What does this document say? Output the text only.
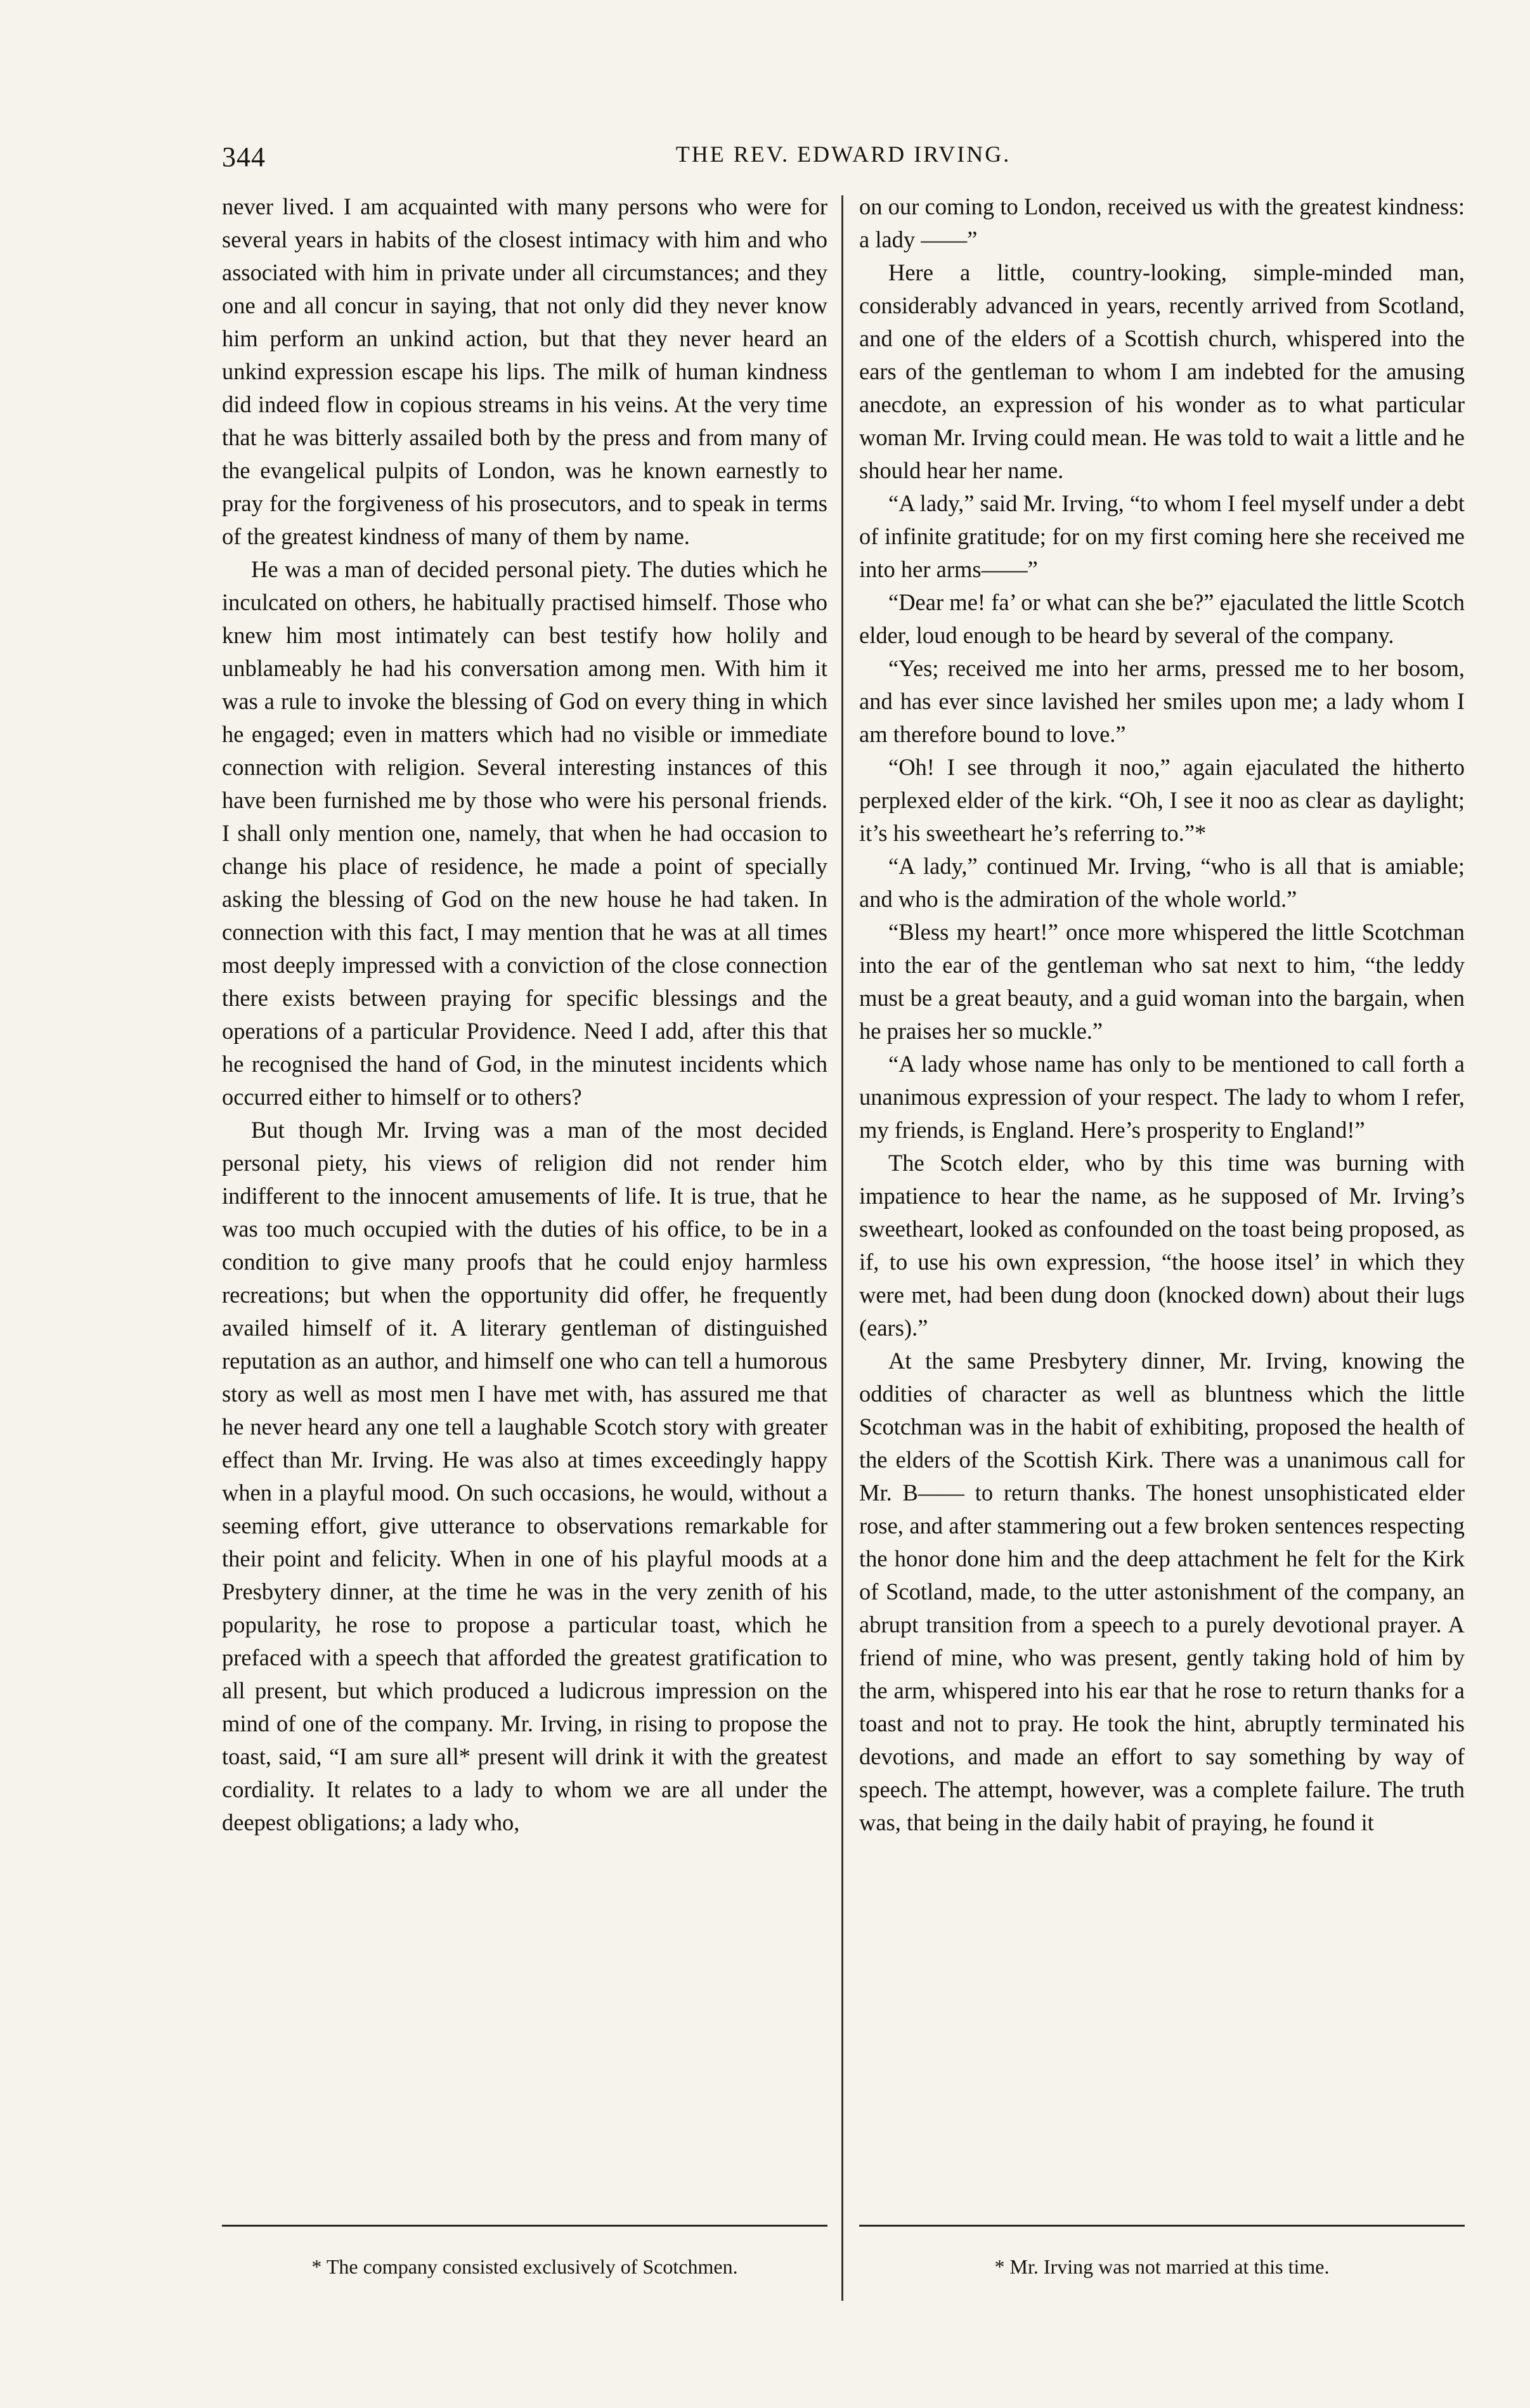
344	THE REV. EDWARD IRVING.

never lived. I am acquainted with many persons who were for several years in habits of the closest intimacy with him and who associated with him in private under all circumstances; and they one and all concur in saying, that not only did they never know him perform an unkind action, but that they never heard an unkind expression escape his lips. The milk of human kindness did indeed flow in copious streams in his veins. At the very time that he was bitterly assailed both by the press and from many of the evangelical pulpits of London, was he known earnestly to pray for the forgiveness of his prosecutors, and to speak in terms of the greatest kindness of many of them by name.

He was a man of decided personal piety. The duties which he inculcated on others, he habitually practised himself. Those who knew him most intimately can best testify how holily and unblameably he had his conversation among men. With him it was a rule to invoke the blessing of God on every thing in which he engaged; even in matters which had no visible or immediate connection with religion. Several interesting instances of this have been furnished me by those who were his personal friends. I shall only mention one, namely, that when he had occasion to change his place of residence, he made a point of specially asking the blessing of God on the new house he had taken. In connection with this fact, I may mention that he was at all times most deeply impressed with a conviction of the close connection there exists between praying for specific blessings and the operations of a particular Providence. Need I add, after this that he recognised the hand of God, in the minutest incidents which occurred either to himself or to others?

But though Mr. Irving was a man of the most decided personal piety, his views of religion did not render him indifferent to the innocent amusements of life. It is true, that he was too much occupied with the duties of his office, to be in a condition to give many proofs that he could enjoy harmless recreations; but when the opportunity did offer, he frequently availed himself of it. A literary gentleman of distinguished reputation as an author, and himself one who can tell a humorous story as well as most men I have met with, has assured me that he never heard any one tell a laughable Scotch story with greater effect than Mr. Irving. He was also at times exceedingly happy when in a playful mood. On such occasions, he would, without a seeming effort, give utterance to observations remarkable for their point and felicity. When in one of his playful moods at a Presbytery dinner, at the time he was in the very zenith of his popularity, he rose to propose a particular toast, which he prefaced with a speech that afforded the greatest gratification to all present, but which produced a ludicrous impression on the mind of one of the company. Mr. Irving, in rising to propose the toast, said, “I am sure all* present will drink it with the greatest cordiality. It relates to a lady to whom we are all under the deepest obligations; a lady who,

on our coming to London, received us with the greatest kindness: a lady ——”

Here a little, country-looking, simple-minded man, considerably advanced in years, recently arrived from Scotland, and one of the elders of a Scottish church, whispered into the ears of the gentleman to whom I am indebted for the amusing anecdote, an expression of his wonder as to what particular woman Mr. Irving could mean. He was told to wait a little and he should hear her name.

“A lady,” said Mr. Irving, “to whom I feel myself under a debt of infinite gratitude; for on my first coming here she received me into her arms——”

“Dear me! fa’ or what can she be?” ejaculated the little Scotch elder, loud enough to be heard by several of the company.

“Yes; received me into her arms, pressed me to her bosom, and has ever since lavished her smiles upon me; a lady whom I am therefore bound to love.”

“Oh! I see through it noo,” again ejaculated the hitherto perplexed elder of the kirk. “Oh, I see it noo as clear as daylight; it’s his sweetheart he’s referring to.”*

“A lady,” continued Mr. Irving, “who is all that is amiable; and who is the admiration of the whole world.”

“Bless my heart!” once more whispered the little Scotchman into the ear of the gentleman who sat next to him, “the leddy must be a great beauty, and a guid woman into the bargain, when he praises her so muckle.”

“A lady whose name has only to be mentioned to call forth a unanimous expression of your respect. The lady to whom I refer, my friends, is England. Here’s prosperity to England!”

The Scotch elder, who by this time was burning with impatience to hear the name, as he supposed of Mr. Irving’s sweetheart, looked as confounded on the toast being proposed, as if, to use his own expression, “the hoose itsel’ in which they were met, had been dung doon (knocked down) about their lugs (ears).”

At the same Presbytery dinner, Mr. Irving, knowing the oddities of character as well as bluntness which the little Scotchman was in the habit of exhibiting, proposed the health of the elders of the Scottish Kirk. There was a unanimous call for Mr. B—— to return thanks. The honest unsophisticated elder rose, and after stammering out a few broken sentences respecting the honor done him and the deep attachment he felt for the Kirk of Scotland, made, to the utter astonishment of the company, an abrupt transition from a speech to a purely devotional prayer. A friend of mine, who was present, gently taking hold of him by the arm, whispered into his ear that he rose to return thanks for a toast and not to pray. He took the hint, abruptly terminated his devotions, and made an effort to say something by way of speech. The attempt, however, was a complete failure. The truth was, that being in the daily habit of praying, he found it

* The company consisted exclusively of Scotchmen.	* Mr. Irving was not married at this time.
